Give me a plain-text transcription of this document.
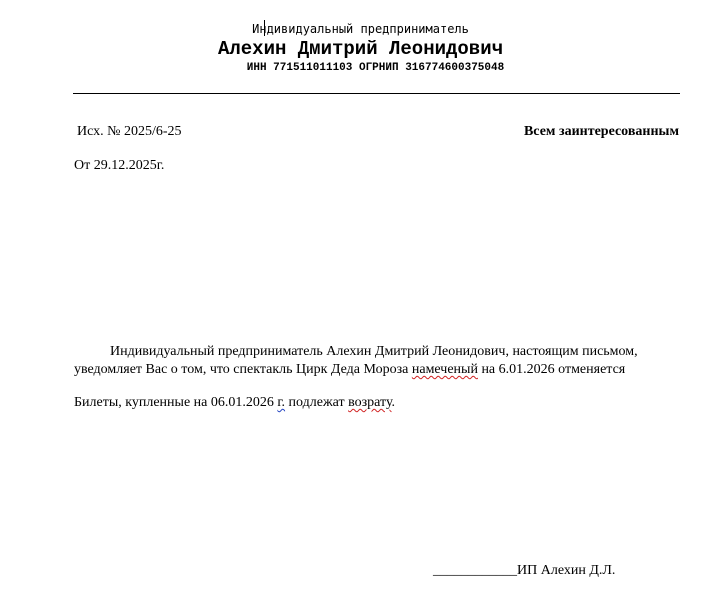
Индивидуальный предприниматель
Алехин Дмитрий Леонидович
ИНН 771511011103 ОГРНИП 316774600375048
Исх. № 2025/6-25	Всем заинтересованным
От 29.12.2025г.
Индивидуальный предприниматель Алехин Дмитрий Леонидович, настоящим письмом,
уведомляет Вас о том, что спектакль Цирк Деда Мороза намеченый на 6.01.2026 отменяется
Билеты, купленные на 06.01.2026 г. подлежат возрату.
____________ИП Алехин Д.Л.
